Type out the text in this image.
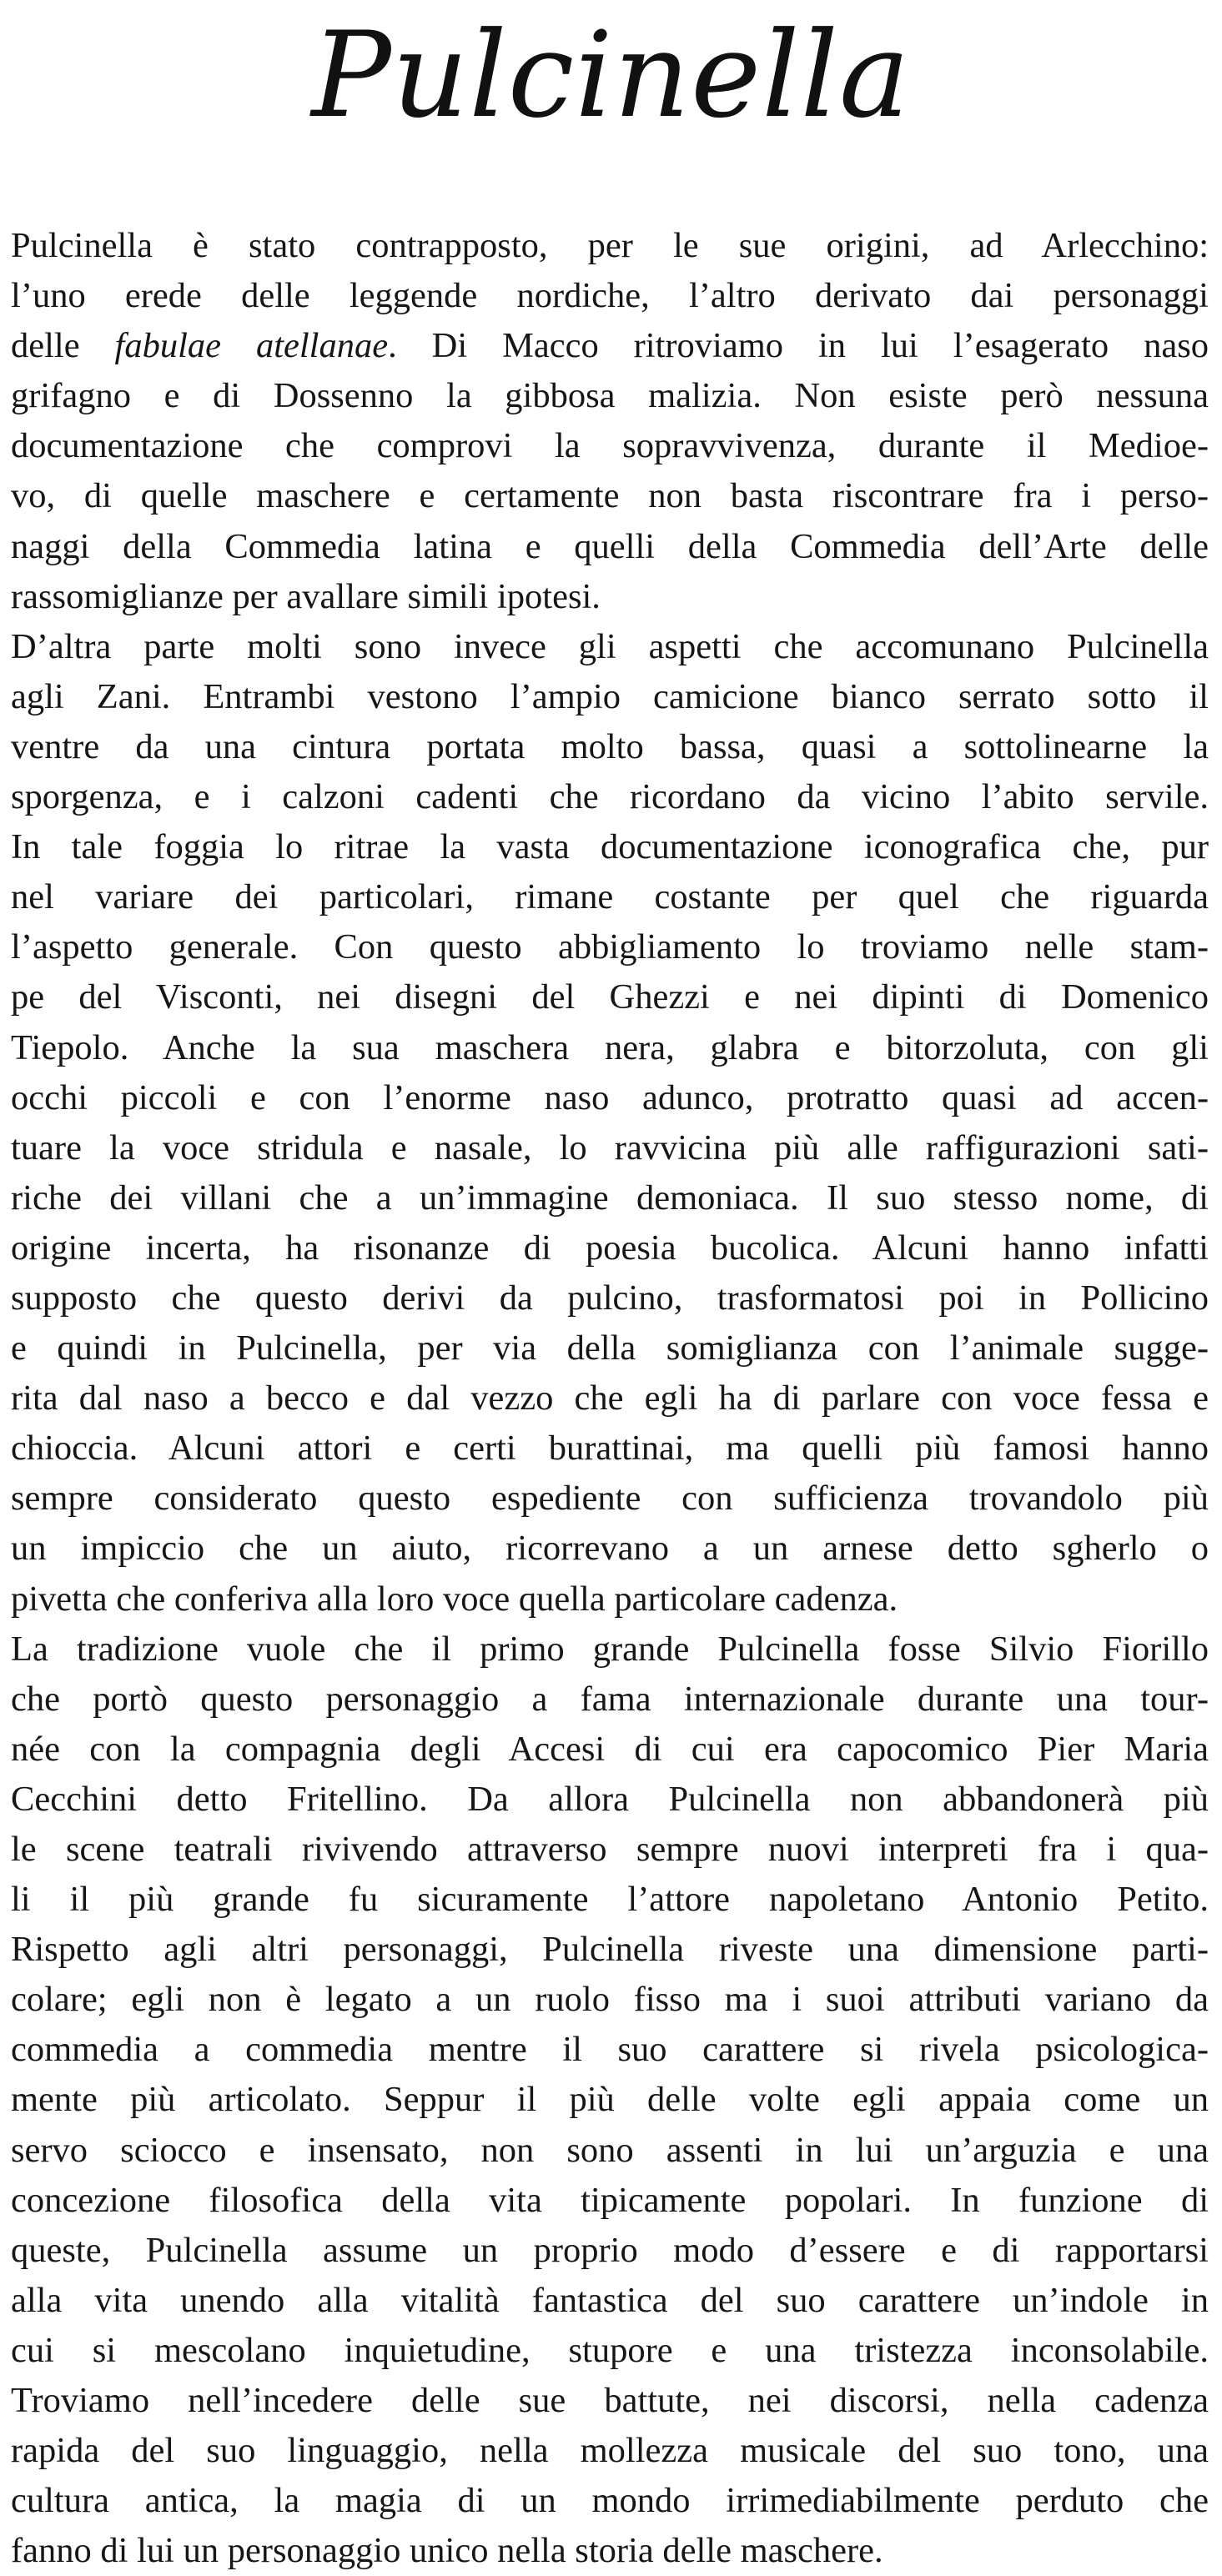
Pulcinella
Pulcinella è stato contrapposto, per le sue origini, ad Arlecchino:
l’uno erede delle leggende nordiche, l’altro derivato dai personaggi
delle fabulae atellanae. Di Macco ritroviamo in lui l’esagerato naso
grifagno e di Dossenno la gibbosa malizia. Non esiste però nessuna
documentazione che comprovi la sopravvivenza, durante il Medioe-
vo, di quelle maschere e certamente non basta riscontrare fra i perso-
naggi della Commedia latina e quelli della Commedia dell’Arte delle
rassomiglianze per avallare simili ipotesi.
D’altra parte molti sono invece gli aspetti che accomunano Pulcinella
agli Zani. Entrambi vestono l’ampio camicione bianco serrato sotto il
ventre da una cintura portata molto bassa, quasi a sottolinearne la
sporgenza, e i calzoni cadenti che ricordano da vicino l’abito servile.
In tale foggia lo ritrae la vasta documentazione iconografica che, pur
nel variare dei particolari, rimane costante per quel che riguarda
l’aspetto generale. Con questo abbigliamento lo troviamo nelle stam-
pe del Visconti, nei disegni del Ghezzi e nei dipinti di Domenico
Tiepolo. Anche la sua maschera nera, glabra e bitorzoluta, con gli
occhi piccoli e con l’enorme naso adunco, protratto quasi ad accen-
tuare la voce stridula e nasale, lo ravvicina più alle raffigurazioni sati-
riche dei villani che a un’immagine demoniaca. Il suo stesso nome, di
origine incerta, ha risonanze di poesia bucolica. Alcuni hanno infatti
supposto che questo derivi da pulcino, trasformatosi poi in Pollicino
e quindi in Pulcinella, per via della somiglianza con l’animale sugge-
rita dal naso a becco e dal vezzo che egli ha di parlare con voce fessa e
chioccia. Alcuni attori e certi burattinai, ma quelli più famosi hanno
sempre considerato questo espediente con sufficienza trovandolo più
un impiccio che un aiuto, ricorrevano a un arnese detto sgherlo o
pivetta che conferiva alla loro voce quella particolare cadenza.
La tradizione vuole che il primo grande Pulcinella fosse Silvio Fiorillo
che portò questo personaggio a fama internazionale durante una tour-
née con la compagnia degli Accesi di cui era capocomico Pier Maria
Cecchini detto Fritellino. Da allora Pulcinella non abbandonerà più
le scene teatrali rivivendo attraverso sempre nuovi interpreti fra i qua-
li il più grande fu sicuramente l’attore napoletano Antonio Petito.
Rispetto agli altri personaggi, Pulcinella riveste una dimensione parti-
colare; egli non è legato a un ruolo fisso ma i suoi attributi variano da
commedia a commedia mentre il suo carattere si rivela psicologica-
mente più articolato. Seppur il più delle volte egli appaia come un
servo sciocco e insensato, non sono assenti in lui un’arguzia e una
concezione filosofica della vita tipicamente popolari. In funzione di
queste, Pulcinella assume un proprio modo d’essere e di rapportarsi
alla vita unendo alla vitalità fantastica del suo carattere un’indole in
cui si mescolano inquietudine, stupore e una tristezza inconsolabile.
Troviamo nell’incedere delle sue battute, nei discorsi, nella cadenza
rapida del suo linguaggio, nella mollezza musicale del suo tono, una
cultura antica, la magia di un mondo irrimediabilmente perduto che
fanno di lui un personaggio unico nella storia delle maschere.
